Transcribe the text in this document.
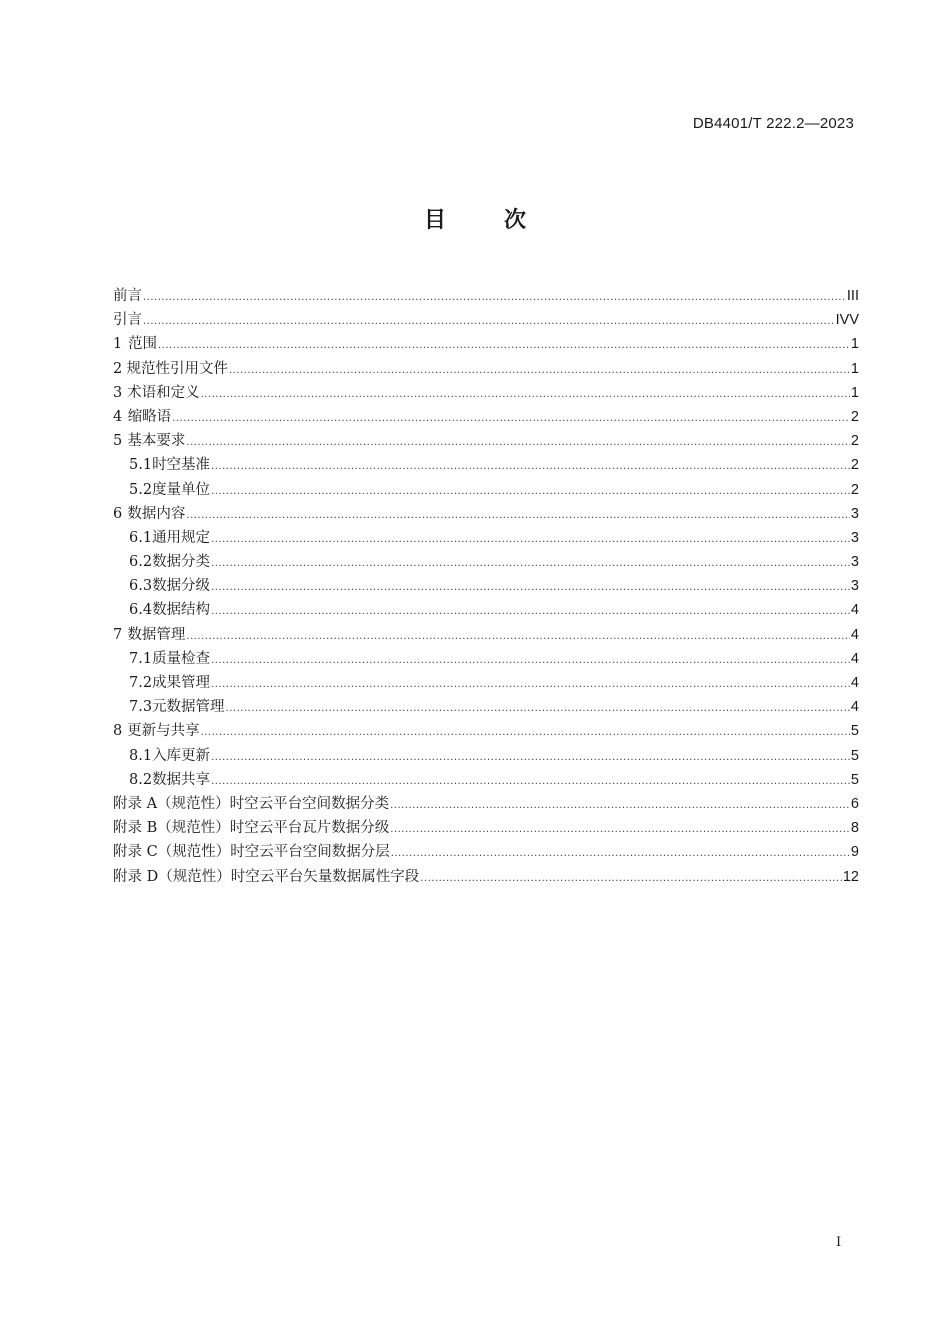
DB4401/T 222.2—2023
目	次
前言 .....	III
引言 .....	IVV
1 范围 .....	1
2 规范性引用文件 .....	1
3 术语和定义 .....	1
4 缩略语 .....	2
5 基本要求 .....	2
5.1 时空基准 .....	2
5.2 度量单位 .....	2
6 数据内容 .....	3
6.1 通用规定 .....	3
6.2 数据分类 .....	3
6.3 数据分级 .....	3
6.4 数据结构 .....	4
7 数据管理 .....	4
7.1 质量检查 .....	4
7.2 成果管理 .....	4
7.3 元数据管理 .....	4
8 更新与共享 .....	5
8.1 入库更新 .....	5
8.2 数据共享 .....	5
附录 A（规范性） 时空云平台空间数据分类 .....	6
附录 B（规范性） 时空云平台瓦片数据分级 .....	8
附录 C（规范性） 时空云平台空间数据分层 .....	9
附录 D（规范性） 时空云平台矢量数据属性字段 .....	12
I
